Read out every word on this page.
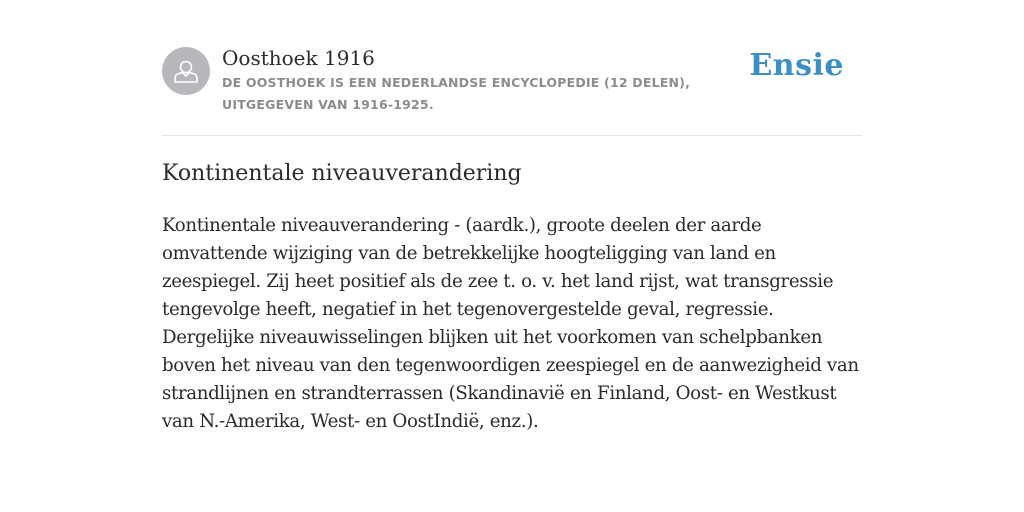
Oosthoek 1916
DE OOSTHOEK IS EEN NEDERLANDSE ENCYCLOPEDIE (12 DELEN), UITGEGEVEN VAN 1916-1925.
Ensie
Kontinentale niveauverandering

Kontinentale niveauverandering - (aardk.), groote deelen der aarde omvattende wijziging van de betrekkelijke hoogteligging van land en zeespiegel. Zij heet positief als de zee t. o. v. het land rijst, wat transgressie tengevolge heeft, negatief in het tegenovergestelde geval, regressie. Dergelijke niveauwisselingen blijken uit het voorkomen van schelpbanken boven het niveau van den tegenwoordigen zeespiegel en de aanwezigheid van strandlijnen en strandterrassen (Skandinavië en Finland, Oost- en Westkust van N.-Amerika, West- en OostIndië, enz.).
